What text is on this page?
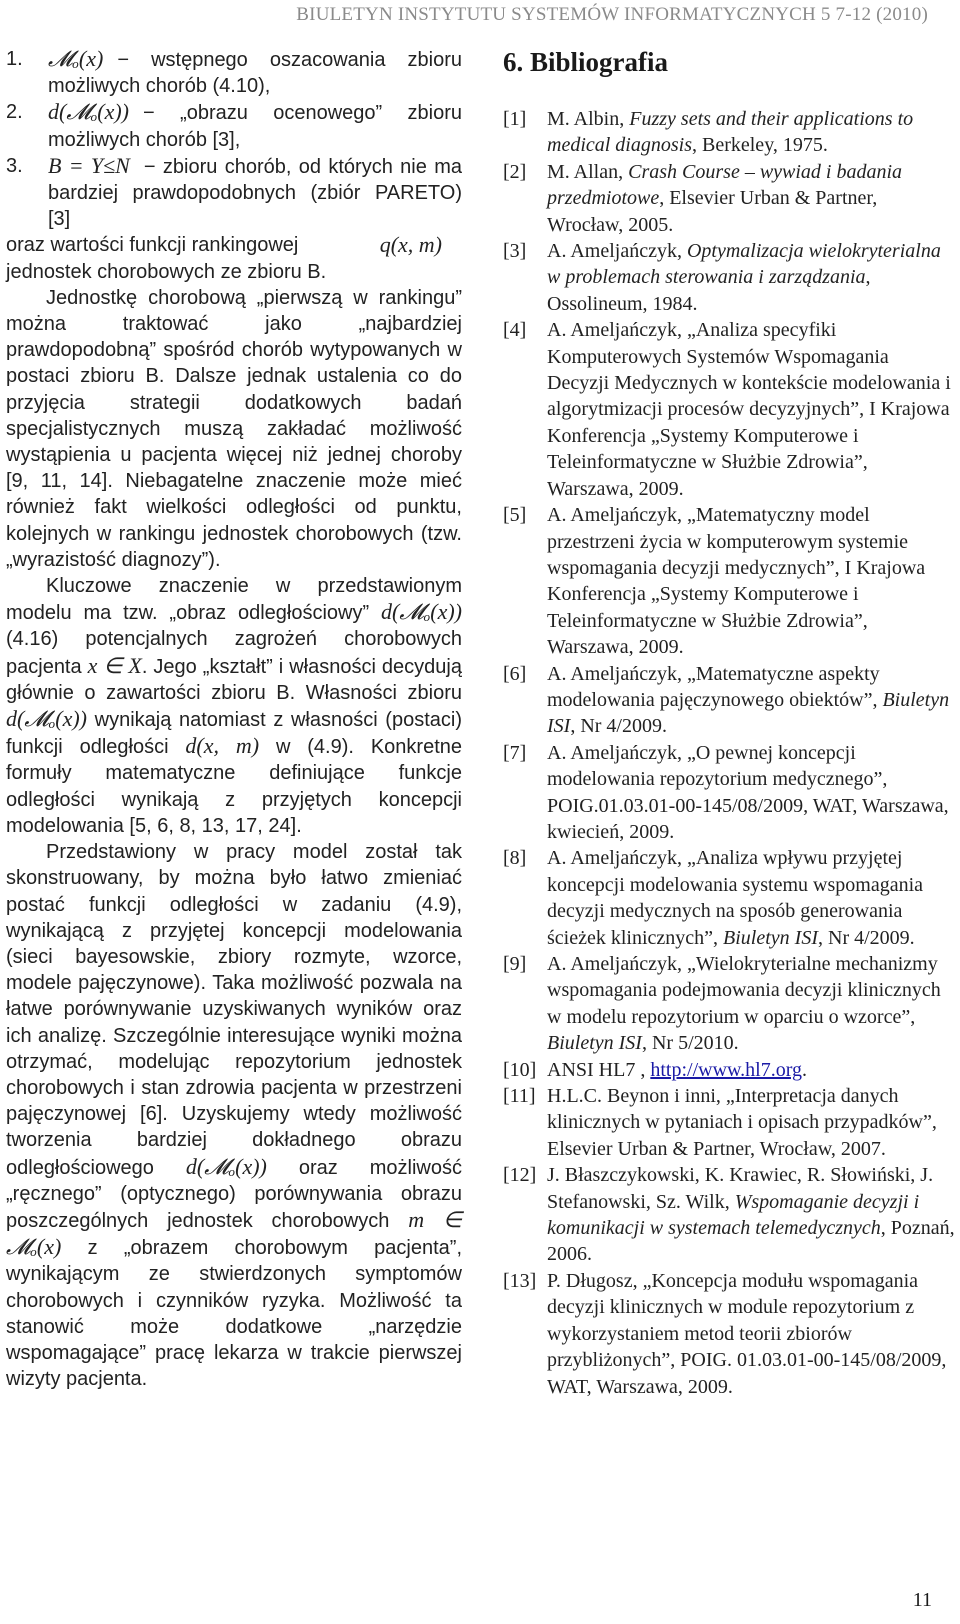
BIULETYN INSTYTUTU SYSTEMÓW INFORMATYCZNYCH 5 7-12 (2010)
1.	𝓜ₒ(x) − wstępnego oszacowania zbioru możliwych chorób (4.10),
2.	d(𝓜ₒ(x)) − „obrazu ocenowego” zbioru możliwych chorób [3],
3.	B = Y≤N − zbioru chorób, od których nie ma bardziej prawdopodobnych (zbiór PARETO) [3]

oraz wartości funkcji rankingowej	q(x, m)

jednostek chorobowych ze zbioru B.

Jednostkę chorobową „pierwszą w rankingu” można traktować jako „najbardziej prawdopodobną” spośród chorób wytypowanych w postaci zbioru B. Dalsze jednak ustalenia co do przyjęcia strategii dodatkowych badań specjalistycznych muszą zakładać możliwość wystąpienia u pacjenta więcej niż jednej choroby [9, 11, 14]. Niebagatelne znaczenie może mieć również fakt wielkości odległości od punktu, kolejnych w rankingu jednostek chorobowych (tzw. „wyrazistość diagnozy”).

Kluczowe znaczenie w przedstawionym modelu ma tzw. „obraz odległościowy” d(𝓜ₒ(x)) (4.16) potencjalnych zagrożeń chorobowych pacjenta x ∈ X. Jego „kształt” i własności decydują głównie o zawartości zbioru B. Własności zbioru d(𝓜ₒ(x)) wynikają natomiast z własności (postaci) funkcji odległości d(x, m) w (4.9). Konkretne formuły matematyczne definiujące funkcje odległości wynikają z przyjętych koncepcji modelowania [5, 6, 8, 13, 17, 24].

Przedstawiony w pracy model został tak skonstruowany, by można było łatwo zmieniać postać funkcji odległości w zadaniu (4.9), wynikającą z przyjętej koncepcji modelowania (sieci bayesowskie, zbiory rozmyte, wzorce, modele pajęczynowe). Taka możliwość pozwala na łatwe porównywanie uzyskiwanych wyników oraz ich analizę. Szczególnie interesujące wyniki można otrzymać, modelując repozytorium jednostek chorobowych i stan zdrowia pacjenta w przestrzeni pajęczynowej [6]. Uzyskujemy wtedy możliwość tworzenia bardziej dokładnego obrazu odległościowego d(𝓜ₒ(x)) oraz możliwość „ręcznego” (optycznego) porównywania obrazu poszczególnych jednostek chorobowych m ∈ 𝓜ₒ(x) z „obrazem chorobowym pacjenta”, wynikającym ze stwierdzonych symptomów chorobowych i czynników ryzyka. Możliwość ta stanowić może dodatkowe „narzędzie wspomagające” pracę lekarza w trakcie pierwszej wizyty pacjenta.

6. Bibliografia
[1]	M. Albin, Fuzzy sets and their applications to medical diagnosis, Berkeley, 1975.
[2]	M. Allan, Crash Course – wywiad i badania przedmiotowe, Elsevier Urban & Partner, Wrocław, 2005.
[3]	A. Ameljańczyk, Optymalizacja wielokryterialna w problemach sterowania i zarządzania, Ossolineum, 1984.
[4]	A. Ameljańczyk, „Analiza specyfiki Komputerowych Systemów Wspomagania Decyzji Medycznych w kontekście modelowania i algorytmizacji procesów decyzyjnych”, I Krajowa Konferencja „Systemy Komputerowe i Teleinformatyczne w Służbie Zdrowia”, Warszawa, 2009.
[5]	A. Ameljańczyk, „Matematyczny model przestrzeni życia w komputerowym systemie wspomagania decyzji medycznych”, I Krajowa Konferencja „Systemy Komputerowe i Teleinformatyczne w Służbie Zdrowia”, Warszawa, 2009.
[6]	A. Ameljańczyk, „Matematyczne aspekty modelowania pajęczynowego obiektów”, Biuletyn ISI, Nr 4/2009.
[7]	A. Ameljańczyk, „O pewnej koncepcji modelowania repozytorium medycznego”, POIG.01.03.01-00-145/08/2009, WAT, Warszawa, kwiecień, 2009.
[8]	A. Ameljańczyk, „Analiza wpływu przyjętej koncepcji modelowania systemu wspomagania decyzji medycznych na sposób generowania ścieżek klinicznych”, Biuletyn ISI, Nr 4/2009.
[9]	A. Ameljańczyk, „Wielokryterialne mechanizmy wspomagania podejmowania decyzji klinicznych w modelu repozytorium w oparciu o wzorce”, Biuletyn ISI, Nr 5/2010.
[10] ANSI HL7 , http://www.hl7.org.
[11] H.L.C. Beynon i inni, „Interpretacja danych klinicznych w pytaniach i opisach przypadków”, Elsevier Urban & Partner, Wrocław, 2007.
[12] J. Błaszczykowski, K. Krawiec, R. Słowiński, J. Stefanowski, Sz. Wilk, Wspomaganie decyzji i komunikacji w systemach telemedycznych, Poznań, 2006.
[13] P. Długosz, „Koncepcja modułu wspomagania decyzji klinicznych w module repozytorium z wykorzystaniem metod teorii zbiorów przybliżonych”, POIG. 01.03.01-00-145/08/2009, WAT, Warszawa, 2009.
11
